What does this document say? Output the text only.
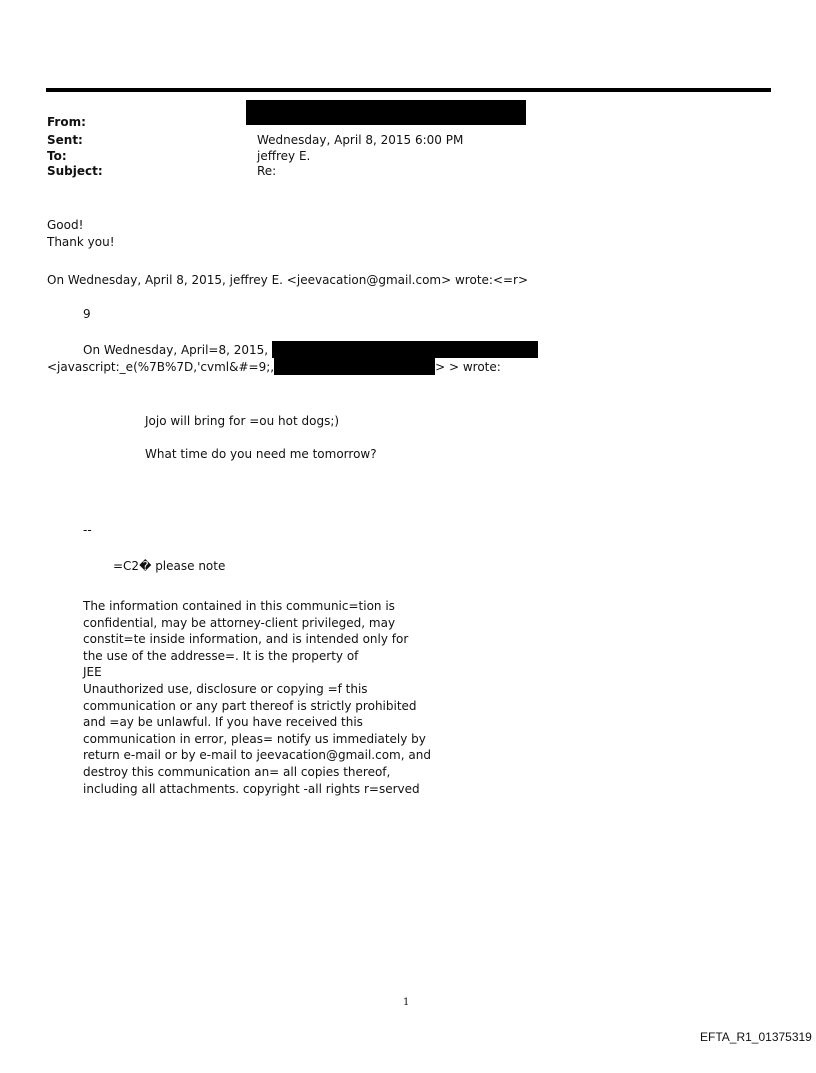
From:
Sent:	Wednesday, April 8, 2015 6:00 PM
To:	jeffrey E.
Subject:	Re:
Good!
Thank you!
On Wednesday, April 8, 2015, jeffrey E. <jeevacation@gmail.com> wrote:<=r>
9
On Wednesday, April=8, 2015,
<javascript:_e(%7B%7D,'cvml&#=9;,	> > wrote:
Jojo will bring for =ou hot dogs;)
What time do you need me tomorrow?
--
=C2� please note
The information contained in this communic=tion is
confidential, may be attorney-client privileged, may
constit=te inside information, and is intended only for
the use of the addresse=. It is the property of
JEE
Unauthorized use, disclosure or copying =f this
communication or any part thereof is strictly prohibited
and =ay be unlawful. If you have received this
communication in error, pleas= notify us immediately by
return e-mail or by e-mail to jeevacation@gmail.com, and
destroy this communication an= all copies thereof,
including all attachments. copyright -all rights r=served
1
EFTA_R1_01375319
